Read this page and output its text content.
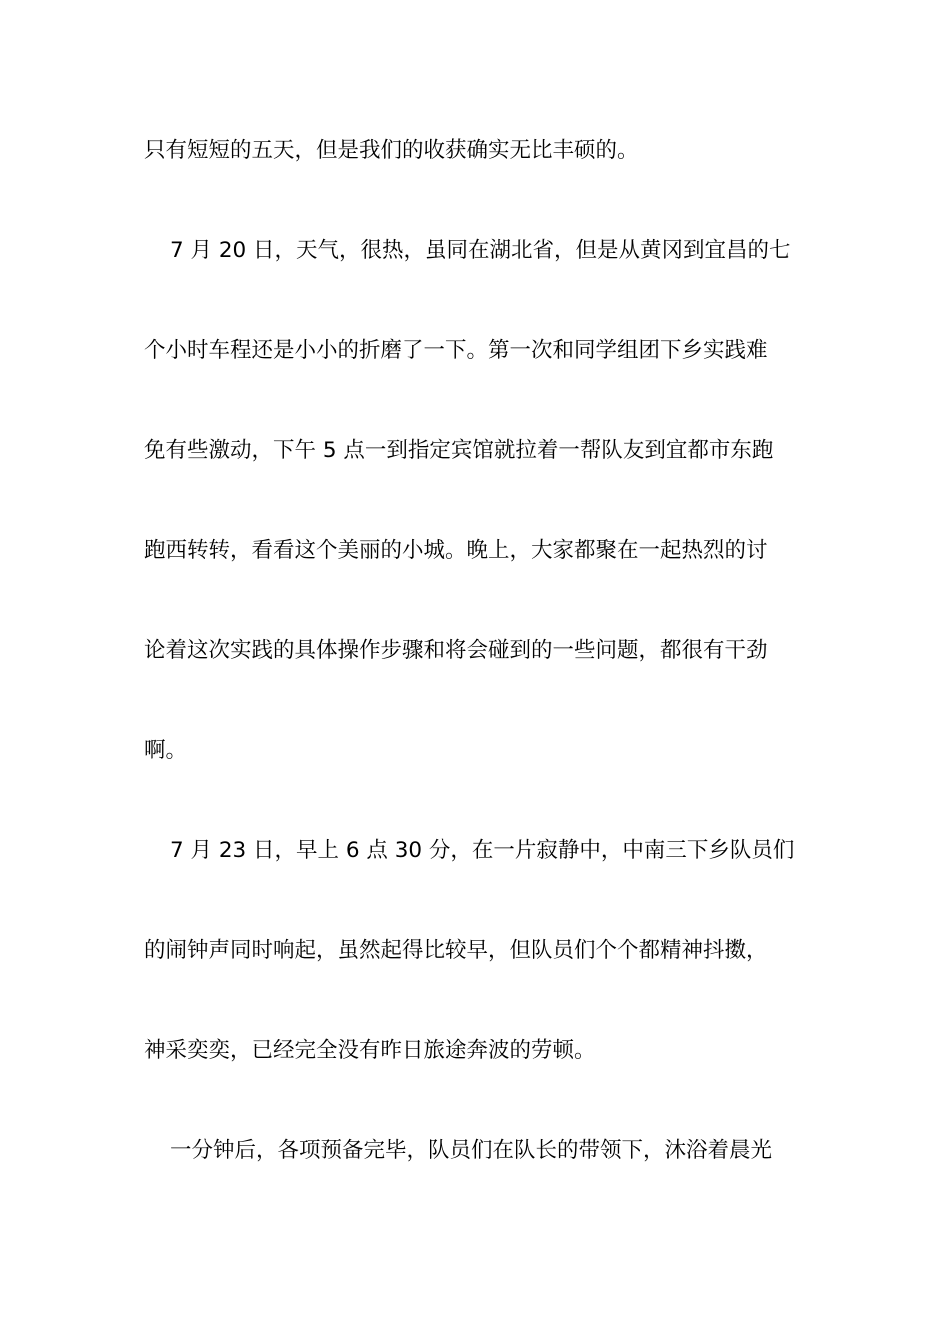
只有短短的五天，但是我们的收获确实无比丰硕的。

7 月 20 日，天气，很热，虽同在湖北省，但是从黄冈到宜昌的七

个小时车程还是小小的折磨了一下。第一次和同学组团下乡实践难

免有些激动，下午 5 点一到指定宾馆就拉着一帮队友到宜都市东跑

跑西转转，看看这个美丽的小城。晚上，大家都聚在一起热烈的讨

论着这次实践的具体操作步骤和将会碰到的一些问题，都很有干劲

啊。

7 月 23 日，早上 6 点 30 分，在一片寂静中，中南三下乡队员们

的闹钟声同时响起，虽然起得比较早，但队员们个个都精神抖擞，

神采奕奕，已经完全没有昨日旅途奔波的劳顿。

一分钟后，各项预备完毕，队员们在队长的带领下，沐浴着晨光
